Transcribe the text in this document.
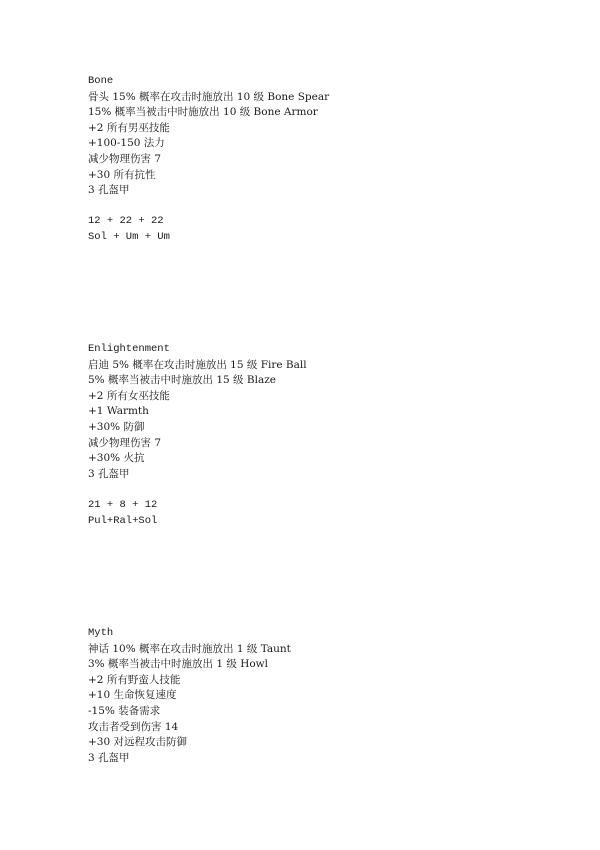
Bone
骨头 15% 概率在攻击时施放出 10 级 Bone Spear
15% 概率当被击中时施放出 10 级 Bone Armor
+2 所有男巫技能
+100-150 法力
减少物理伤害 7
+30 所有抗性
3 孔盔甲
12 + 22 + 22
Sol + Um + Um
Enlightenment
启迪 5% 概率在攻击时施放出 15 级 Fire Ball
5% 概率当被击中时施放出 15 级 Blaze
+2 所有女巫技能
+1 Warmth
+30% 防御
减少物理伤害 7
+30% 火抗
3 孔盔甲
21 + 8 + 12
Pul+Ral+Sol
Myth
神话 10% 概率在攻击时施放出 1 级 Taunt
3% 概率当被击中时施放出 1 级 Howl
+2 所有野蛮人技能
+10 生命恢复速度
-15% 装备需求
攻击者受到伤害 14
+30 对远程攻击防御
3 孔盔甲
